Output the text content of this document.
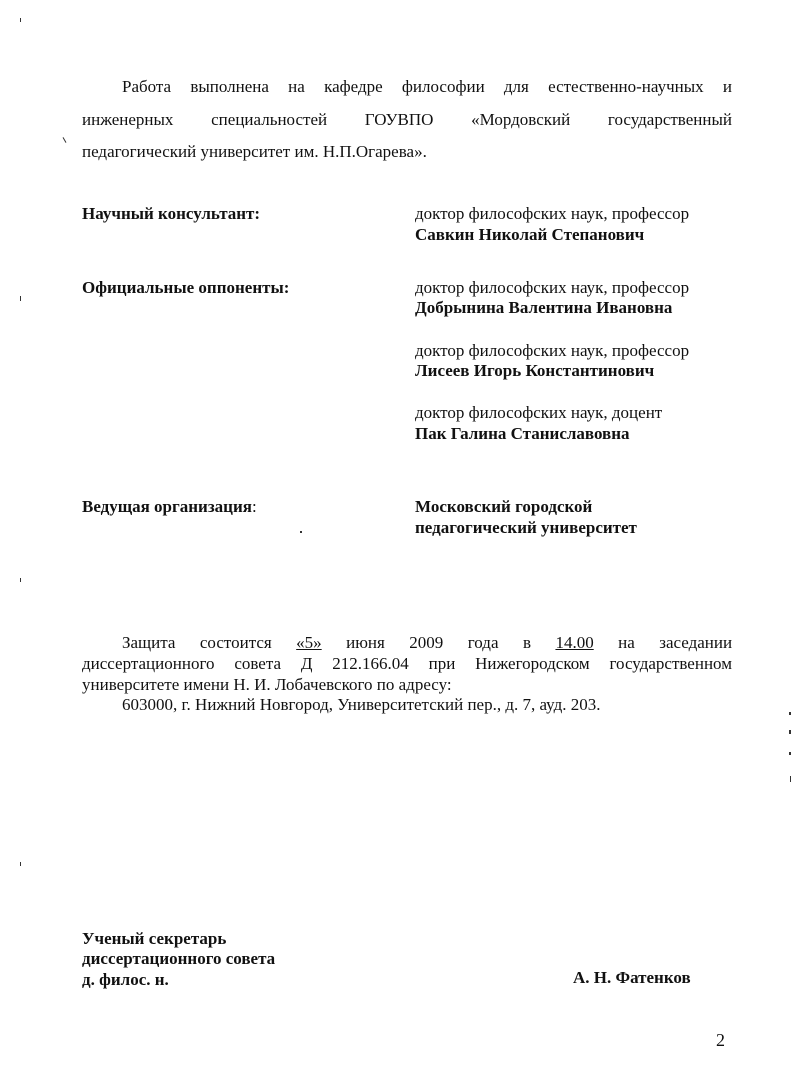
Работа выполнена на кафедре философии для естественно-научных и
инженерных специальностей ГОУВПО «Мордовский государственный
педагогический университет им. Н.П.Огарева».
Научный консультант:	доктор философских наук, профессор
Савкин Николай Степанович
Официальные оппоненты:	доктор философских наук, профессор
Добрынина Валентина Ивановна
доктор философских наук, профессор
Лисеев Игорь Константинович
доктор философских наук, доцент
Пак Галина Станиславовна
Ведущая организация:	Московский городской
педагогический университет
Защита состоится «5» июня 2009 года в 14.00 на заседании
диссертационного совета Д 212.166.04 при Нижегородском государственном
университете имени Н. И. Лобачевского по адресу:
603000, г. Нижний Новгород, Университетский пер., д. 7, ауд. 203.
Ученый секретарь
диссертационного совета
д. филос. н.	А. Н. Фатенков
2
